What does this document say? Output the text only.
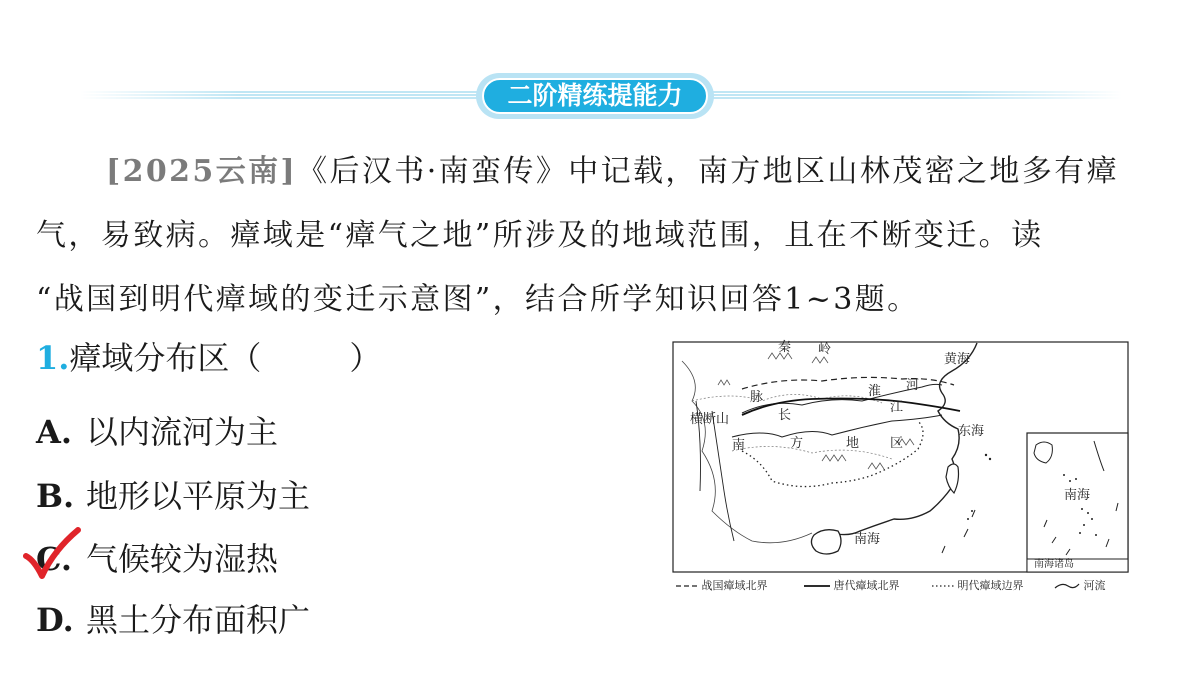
二阶精练提能力

[2025云南]《后汉书·南蛮传》中记载，南方地区山林茂密之地多有瘴
气，易致病。瘴域是“瘴气之地”所涉及的地域范围，且在不断变迁。读
“战国到明代瘴域的变迁示意图”，结合所学知识回答1~3题。

1.瘴域分布区（	）
A. 以内流河为主
B. 地形以平原为主
C. 气候较为湿热
D. 黑土分布面积广
秦 岭
黄海
淮 河
脉
横断山	长
江
东海
南	方	地 区
南海
南海
南海诸岛
战国瘴域北界	唐代瘴域北界	明代瘴域边界	河流
